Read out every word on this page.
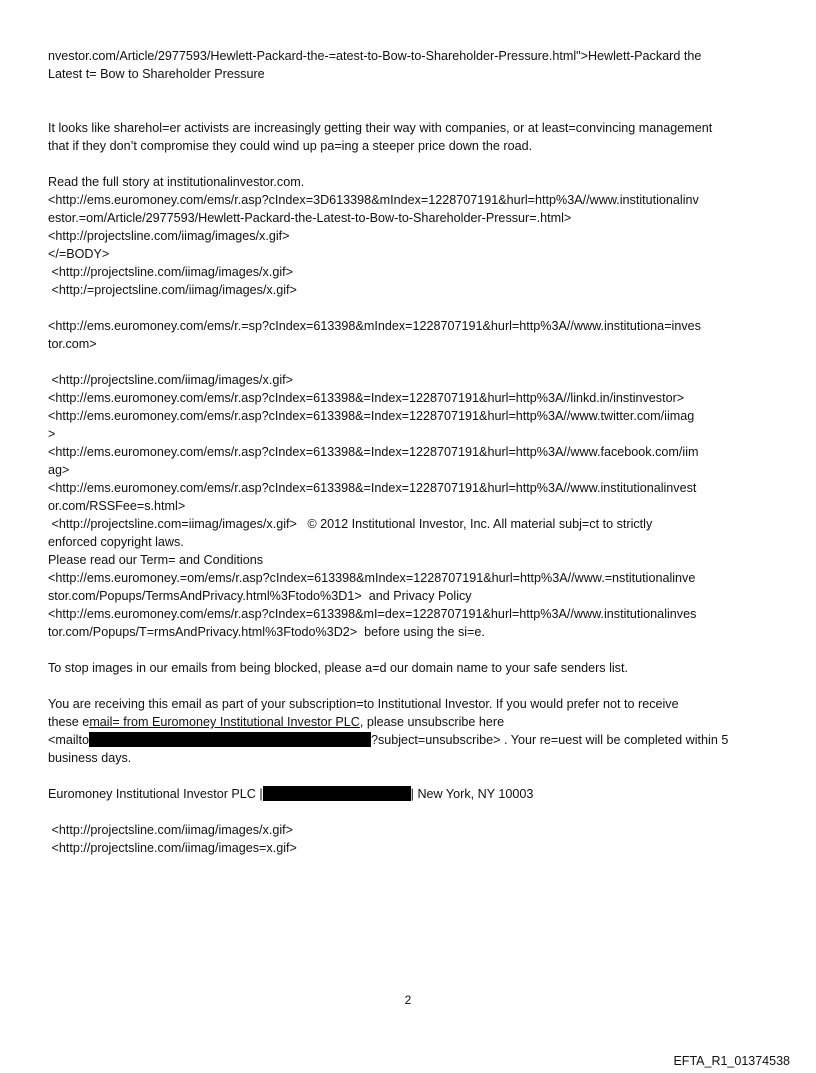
nvestor.com/Article/2977593/Hewlett-Packard-the-=atest-to-Bow-to-Shareholder-Pressure.html">Hewlett-Packard the
Latest t= Bow to Shareholder Pressure
It looks like sharehol=er activists are increasingly getting their way with companies, or at least=convincing management
that if they don’t compromise they could wind up pa=ing a steeper price down the road.
Read the full story at institutionalinvestor.com.
<http://ems.euromoney.com/ems/r.asp?cIndex=3D613398&mIndex=1228707191&hurl=http%3A//www.institutionalinv
estor.=om/Article/2977593/Hewlett-Packard-the-Latest-to-Bow-to-Shareholder-Pressur=.html>
<http://projectsline.com/iimag/images/x.gif>
</=BODY>
<http://projectsline.com/iimag/images/x.gif>
<http:/=projectsline.com/iimag/images/x.gif>
<http://ems.euromoney.com/ems/r.=sp?cIndex=613398&mIndex=1228707191&hurl=http%3A//www.institutiona=inves
tor.com>
<http://projectsline.com/iimag/images/x.gif>
<http://ems.euromoney.com/ems/r.asp?cIndex=613398&=Index=1228707191&hurl=http%3A//linkd.in/instinvestor>
<http://ems.euromoney.com/ems/r.asp?cIndex=613398&=Index=1228707191&hurl=http%3A//www.twitter.com/iimag
>
<http://ems.euromoney.com/ems/r.asp?cIndex=613398&=Index=1228707191&hurl=http%3A//www.facebook.com/iim
ag>
<http://ems.euromoney.com/ems/r.asp?cIndex=613398&=Index=1228707191&hurl=http%3A//www.institutionalinvest
or.com/RSSFee=s.html>
<http://projectsline.com=iimag/images/x.gif>   © 2012 Institutional Investor, Inc. All material subj=ct to strictly
enforced copyright laws.
Please read our Term= and Conditions
<http://ems.euromoney.=om/ems/r.asp?cIndex=613398&mIndex=1228707191&hurl=http%3A//www.=nstitutionalinve
stor.com/Popups/TermsAndPrivacy.html%3Ftodo%3D1>  and Privacy Policy
<http://ems.euromoney.com/ems/r.asp?cIndex=613398&mI=dex=1228707191&hurl=http%3A//www.institutionalinves
tor.com/Popups/T=rmsAndPrivacy.html%3Ftodo%3D2>  before using the si=e.
To stop images in our emails from being blocked, please a=d our domain name to your safe senders list.
You are receiving this email as part of your subscription=to Institutional Investor. If you would prefer not to receive
these email= from Euromoney Institutional Investor PLC, please unsubscribe here
<mailto	?subject=unsubscribe> . Your re=uest will be completed within 5
business days.
Euromoney Institutional Investor PLC |	| New York, NY 10003
<http://projectsline.com/iimag/images/x.gif>
<http://projectsline.com/iimag/images=x.gif>
2
EFTA_R1_01374538
